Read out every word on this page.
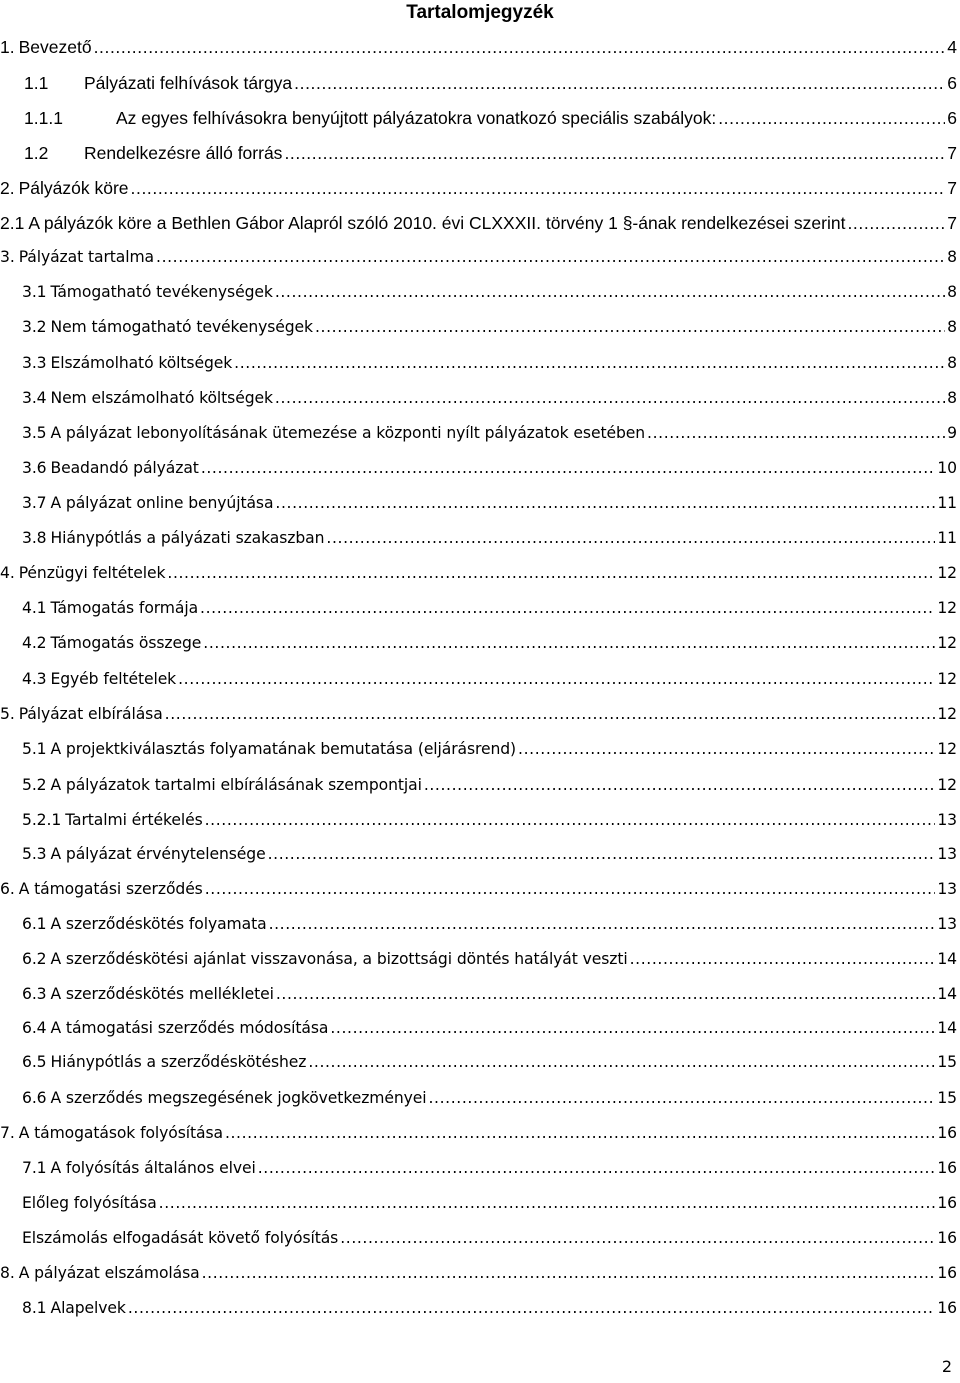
Tartalomjegyzék
1. Bevezető .....	4
1.1	Pályázati felhívások tárgya .....	6
1.1.1	Az egyes felhívásokra benyújtott pályázatokra vonatkozó speciális szabályok: .....	6
1.2	Rendelkezésre álló forrás .....	7
2. Pályázók köre .....	7
2.1 A pályázók köre a Bethlen Gábor Alapról szóló 2010. évi CLXXXII. törvény 1 §-ának rendelkezései szerint .....	7
3. Pályázat tartalma .....	8
3.1 Támogatható tevékenységek .....	8
3.2 Nem támogatható tevékenységek .....	8
3.3 Elszámolható költségek .....	8
3.4 Nem elszámolható költségek .....	8
3.5 A pályázat lebonyolításának ütemezése a központi nyílt pályázatok esetében .....	9
3.6 Beadandó pályázat .....	10
3.7 A pályázat online benyújtása .....	11
3.8 Hiánypótlás a pályázati szakaszban .....	11
4. Pénzügyi feltételek .....	12
4.1 Támogatás formája .....	12
4.2 Támogatás összege .....	12
4.3 Egyéb feltételek .....	12
5. Pályázat elbírálása .....	12
5.1 A projektkiválasztás folyamatának bemutatása (eljárásrend) .....	12
5.2 A pályázatok tartalmi elbírálásának szempontjai .....	12
5.2.1 Tartalmi értékelés .....	13
5.3 A pályázat érvénytelensége .....	13
6. A támogatási szerződés .....	13
6.1 A szerződéskötés folyamata .....	13
6.2 A szerződéskötési ajánlat visszavonása, a bizottsági döntés hatályát veszti .....	14
6.3 A szerződéskötés mellékletei .....	14
6.4 A támogatási szerződés módosítása .....	14
6.5 Hiánypótlás a szerződéskötéshez .....	15
6.6 A szerződés megszegésének jogkövetkezményei .....	15
7. A támogatások folyósítása .....	16
7.1 A folyósítás általános elvei .....	16
Előleg folyósítása .....	16
Elszámolás elfogadását követő folyósítás .....	16
8. A pályázat elszámolása .....	16
8.1 Alapelvek .....	16
2
